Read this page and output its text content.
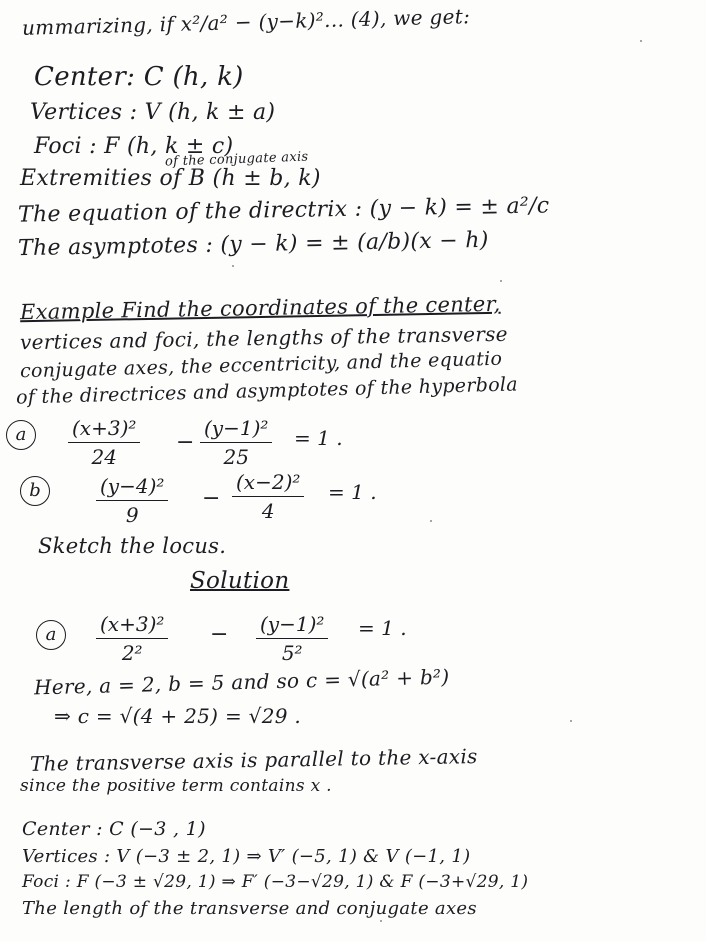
ummarizing, if x²/a² − (y−k)²... (4), we get:
Center: C (h, k)
Vertices : V (h, k ± a)
Foci : F (h, k ± c)
of the conjugate axis
Extremities of B (h ± b, k)
The equation of the directrix : (y − k) = ± a²/c
The asymptotes : (y − k) = ± (a/b)(x − h)
Example Find the coordinates of the center,
vertices and foci, the lengths of the transverse
conjugate axes, the eccentricity, and the equatio
of the directrices and asymptotes of the hyperbola
a	$\frac{\text{(x+3)²}}{24} - \frac{\text{(y−1)²}}{25} = 1$ .
b	$\frac{\text{(y−4)²}}{9} - \frac{\text{(x−2)²}}{4} = 1$ .
Sketch the locus.
Solution
a	$\frac{\text{(x+3)²}}{\text{2²}} - \frac{\text{(y−1)²}}{\text{5²}} = 1$ .
Here, a = 2, b = 5 and so c = √(a² + b²)
⇒ c = √(4 + 25) = √29 .
The transverse axis is parallel to the x-axis
since the positive term contains x .
Center : C (−3 , 1)
Vertices : V (−3 ± 2, 1) ⇒ V′ (−5, 1) & V (−1, 1)
Foci : F (−3 ± √29, 1) ⇒ F′ (−3−√29, 1) & F (−3+√29, 1)
The length of the transverse and conjugate axes
